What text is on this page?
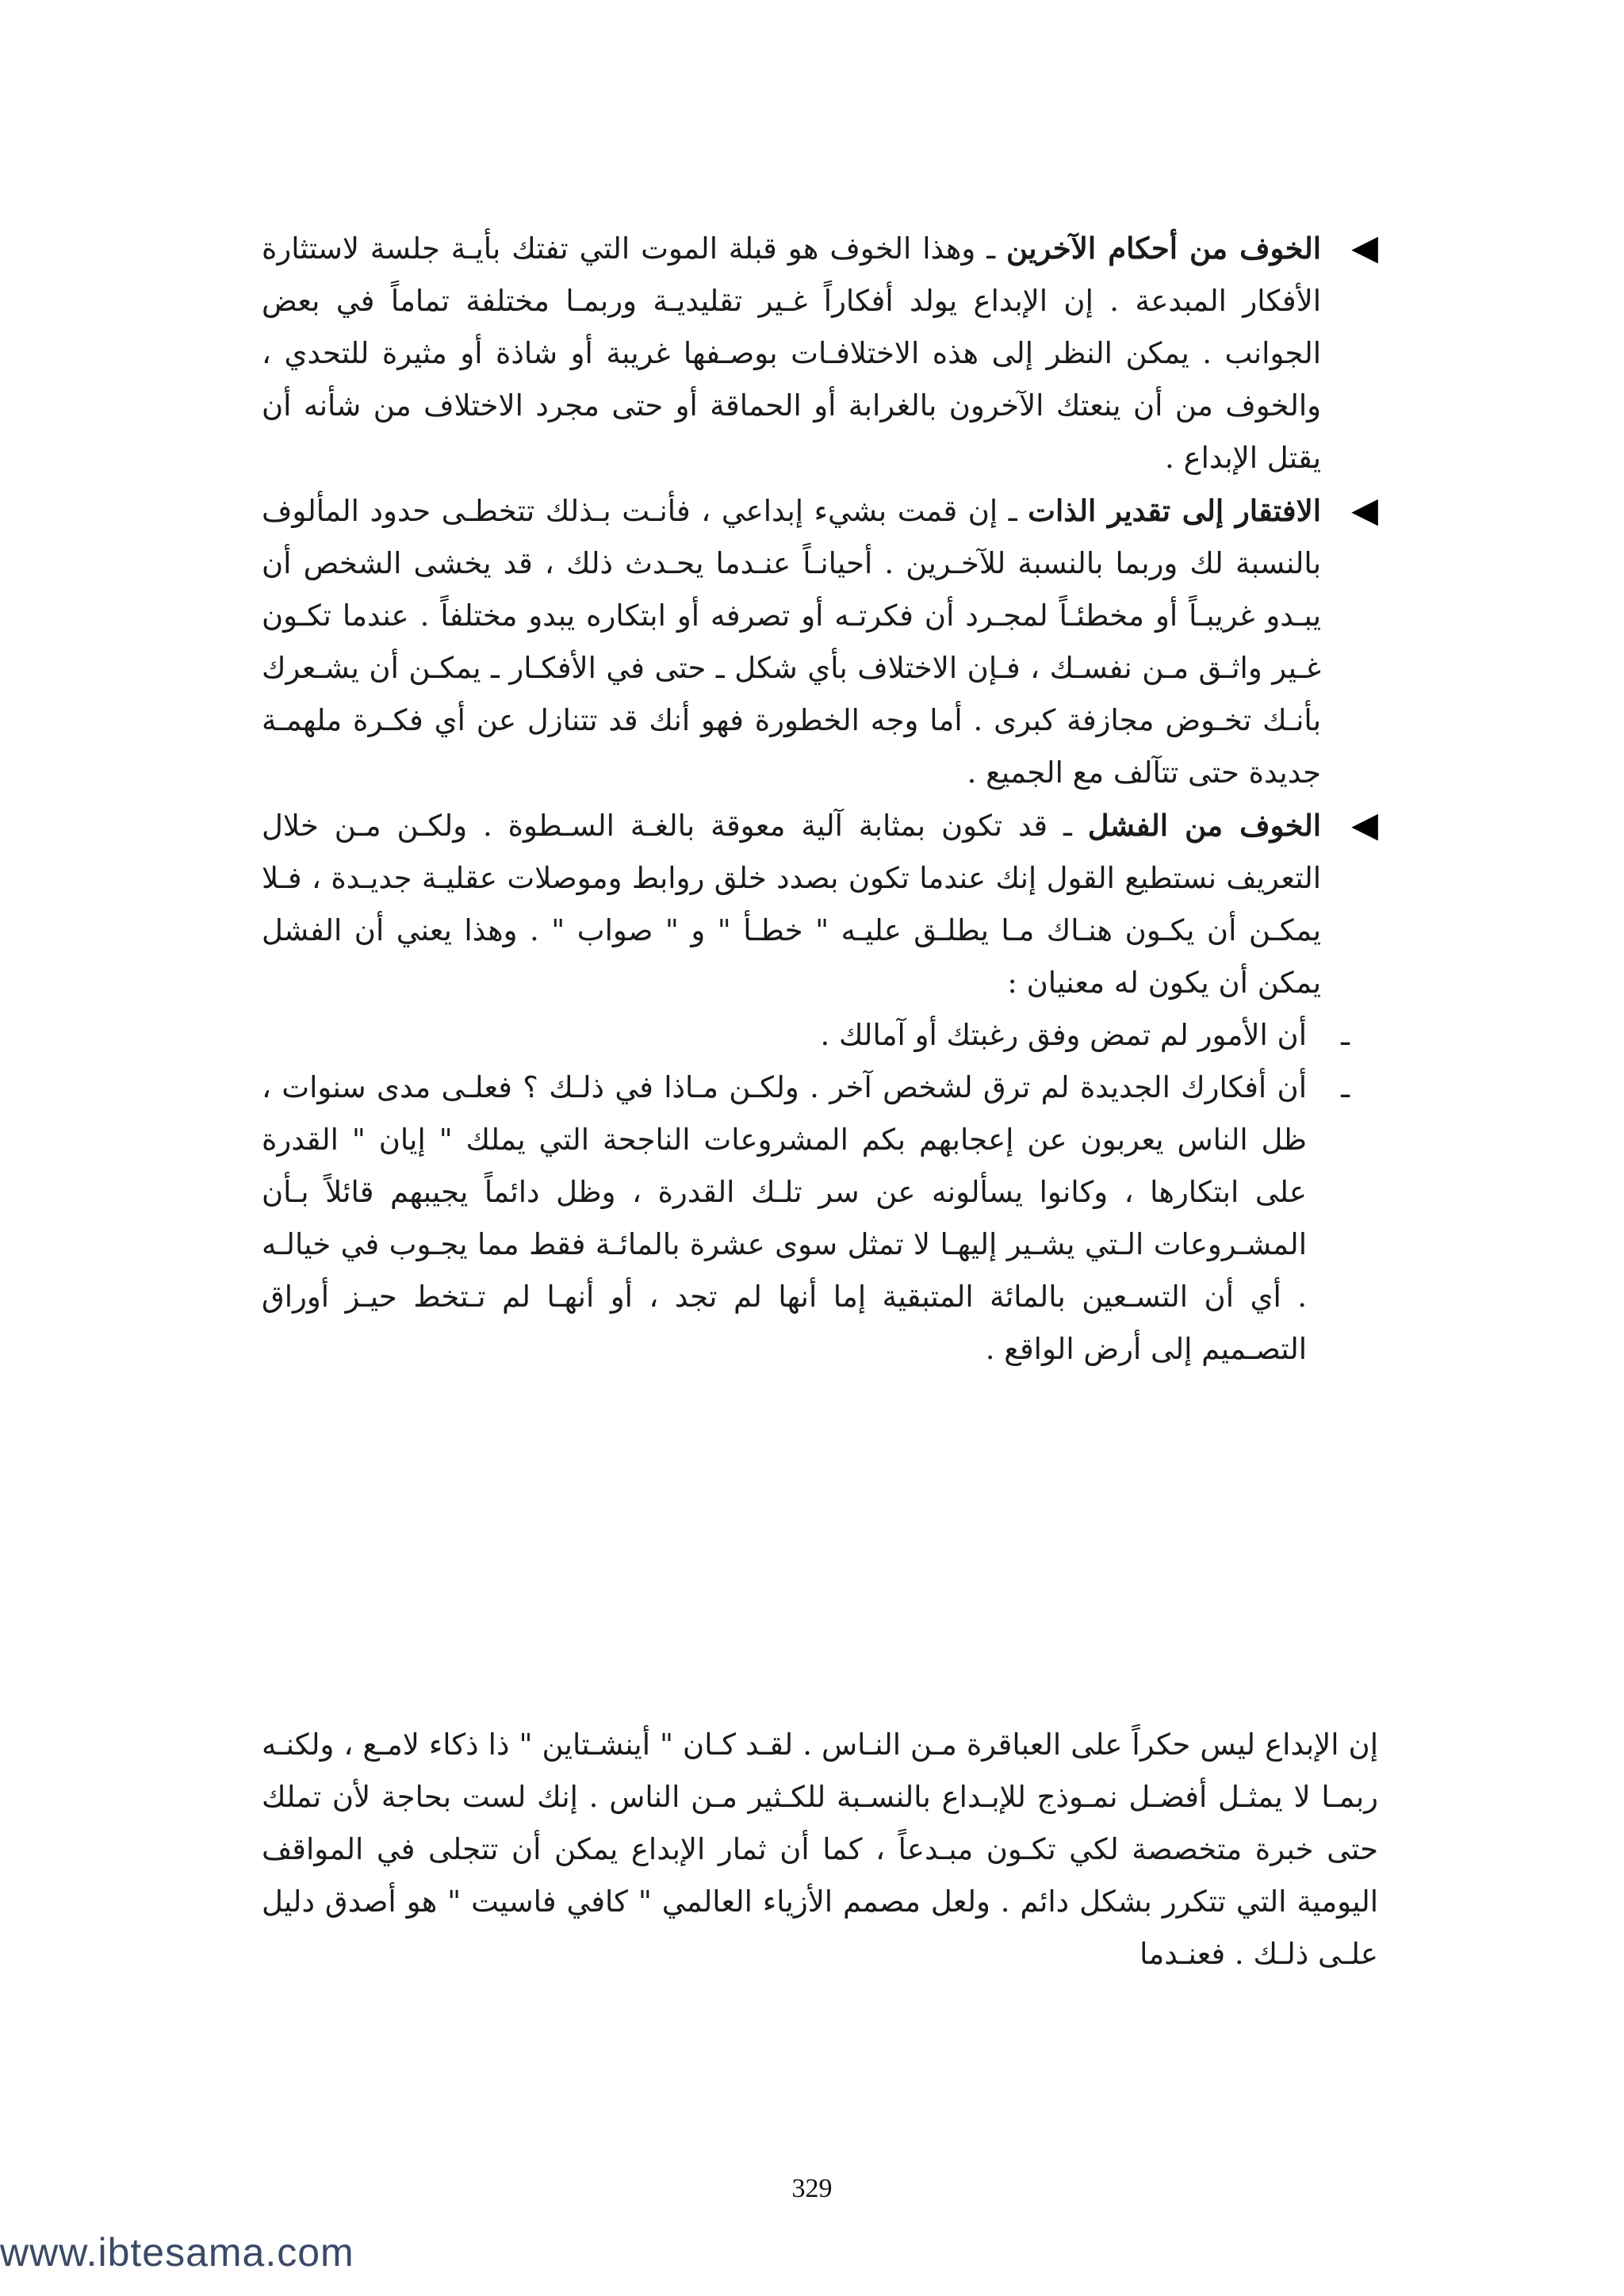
◀
الخوف من أحكام الآخرين ـ وهذا الخوف هو قبلة الموت التي تفتك بأيـة جلسة لاستثارة الأفكار المبدعة . إن الإبداع يولد أفكاراً غـير تقليديـة وربمـا مختلفة تماماً في بعض الجوانب . يمكن النظر إلى هذه الاختلافـات بوصـفها غريبة أو شاذة أو مثيرة للتحدي ، والخوف من أن ينعتك الآخرون بالغرابة أو الحماقة أو حتى مجرد الاختلاف من شأنه أن يقتل الإبداع .

◀
الافتقار إلى تقدير الذات ـ إن قمت بشيء إبداعي ، فأنـت بـذلك تتخطـى حدود المألوف بالنسبة لك وربما بالنسبة للآخـرين . أحيانـاً عنـدما يحـدث ذلك ، قد يخشى الشخص أن يبـدو غريبـاً أو مخطئـاً لمجـرد أن فكرتـه أو تصرفه أو ابتكاره يبدو مختلفاً . عندما تكـون غـير واثـق مـن نفسـك ، فـإن الاختلاف بأي شكل ـ حتى في الأفكـار ـ يمكـن أن يشـعرك بأنـك تخـوض مجازفة كبرى . أما وجه الخطورة فهو أنك قد تتنازل عن أي فكـرة ملهمـة جديدة حتى تتآلف مع الجميع .

◀
الخوف من الفشل ـ قد تكون بمثابة آلية معوقة بالغـة السـطوة . ولكـن مـن خلال التعريف نستطيع القول إنك عندما تكون بصدد خلق روابط وموصلات عقليـة جديـدة ، فـلا يمكـن أن يكـون هنـاك مـا يطلـق عليـه " خطـأ " و " صواب " . وهذا يعني أن الفشل يمكن أن يكون له معنيان :

ـ
أن الأمور لم تمض وفق رغبتك أو آمالك .

ـ
أن أفكارك الجديدة لم ترق لشخص آخر . ولكـن مـاذا في ذلـك ؟ فعلـى مدى سنوات ، ظل الناس يعربون عن إعجابهم بكم المشروعات الناجحة التي يملك " إيان " القدرة على ابتكارها ، وكانوا يسألونه عن سر تلـك القدرة ، وظل دائماً يجيبهم قائلاً بـأن المشـروعات الـتي يشـير إليهـا لا تمثل سوى عشرة بالمائـة فقط مما يجـوب في خيالـه . أي أن التسـعين بالمائة المتبقية إما أنها لم تجد ، أو أنهـا لم تـتخط حيـز أوراق التصـميم إلى أرض الواقع .

إن الإبداع ليس حكراً على العباقرة مـن النـاس . لقـد كـان " أينشـتاين " ذا ذكاء لامـع ، ولكنـه ربمـا لا يمثـل أفضـل نمـوذج للإبـداع بالنسـبة للكـثير مـن الناس . إنك لست بحاجة لأن تملك حتى خبرة متخصصة لكي تكـون مبـدعاً ، كما أن ثمار الإبداع يمكن أن تتجلى في المواقف اليومية التي تتكرر بشكل دائم . ولعل مصمم الأزياء العالمي " كافي فاسيت " هو أصدق دليل علـى ذلـك . فعنـدما

329
www.ibtesama.com
